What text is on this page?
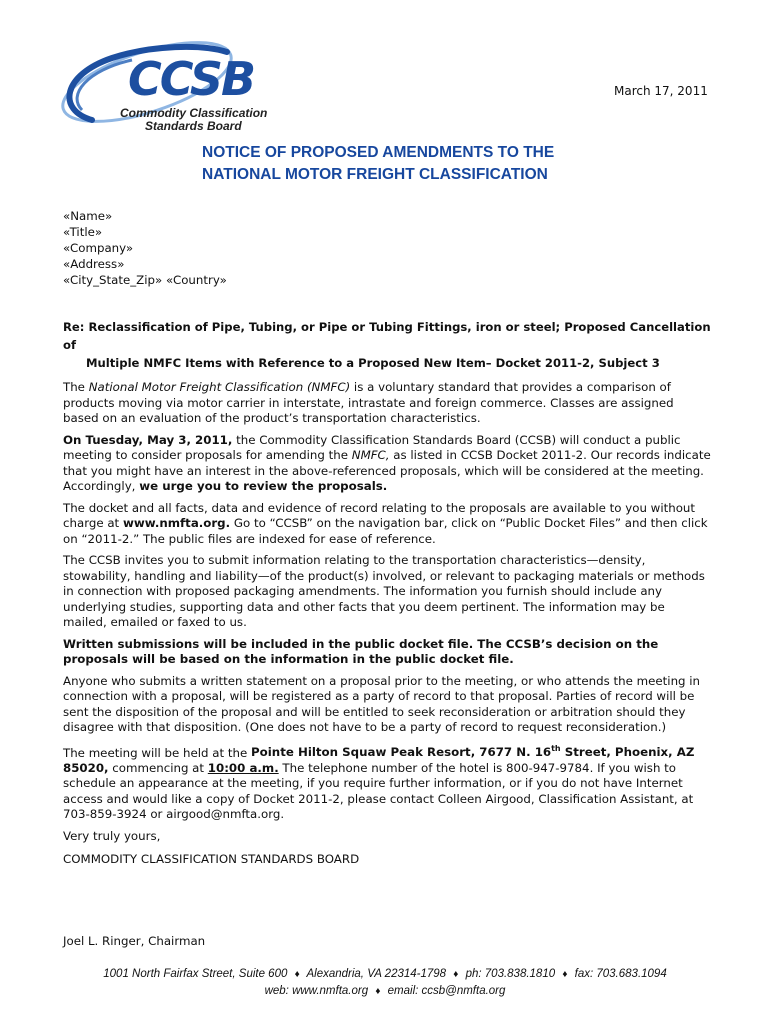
CCSB
Commodity Classification
Standards Board
March 17, 2011
NOTICE OF PROPOSED AMENDMENTS TO THE
NATIONAL MOTOR FREIGHT CLASSIFICATION
«Name»
«Title»
«Company»
«Address»
«City_State_Zip» «Country»
Re: Reclassification of Pipe, Tubing, or Pipe or Tubing Fittings, iron or steel; Proposed Cancellation of
Multiple NMFC Items with Reference to a Proposed New Item– Docket 2011-2, Subject 3

The National Motor Freight Classification (NMFC) is a voluntary standard that provides a comparison of products moving via motor carrier in interstate, intrastate and foreign commerce. Classes are assigned based on an evaluation of the product’s transportation characteristics.

On Tuesday, May 3, 2011, the Commodity Classification Standards Board (CCSB) will conduct a public meeting to consider proposals for amending the NMFC, as listed in CCSB Docket 2011-2. Our records indicate that you might have an interest in the above-referenced proposals, which will be considered at the meeting. Accordingly, we urge you to review the proposals.

The docket and all facts, data and evidence of record relating to the proposals are available to you without charge at www.nmfta.org. Go to “CCSB” on the navigation bar, click on “Public Docket Files” and then click on “2011-2.” The public files are indexed for ease of reference.

The CCSB invites you to submit information relating to the transportation characteristics—density, stowability, handling and liability—of the product(s) involved, or relevant to packaging materials or methods in connection with proposed packaging amendments. The information you furnish should include any underlying studies, supporting data and other facts that you deem pertinent. The information may be mailed, emailed or faxed to us.

Written submissions will be included in the public docket file. The CCSB’s decision on the proposals will be based on the information in the public docket file.

Anyone who submits a written statement on a proposal prior to the meeting, or who attends the meeting in connection with a proposal, will be registered as a party of record to that proposal. Parties of record will be sent the disposition of the proposal and will be entitled to seek reconsideration or arbitration should they disagree with that disposition. (One does not have to be a party of record to request reconsideration.)

The meeting will be held at the Pointe Hilton Squaw Peak Resort, 7677 N. 16th Street, Phoenix, AZ 85020, commencing at 10:00 a.m. The telephone number of the hotel is 800-947-9784. If you wish to schedule an appearance at the meeting, if you require further information, or if you do not have Internet access and would like a copy of Docket 2011-2, please contact Colleen Airgood, Classification Assistant, at 703-859-3924 or airgood@nmfta.org.

Very truly yours,

COMMODITY CLASSIFICATION STANDARDS BOARD

Joel L. Ringer, Chairman
1001 North Fairfax Street, Suite 600 ♦ Alexandria, VA 22314-1798 ♦ ph: 703.838.1810 ♦ fax: 703.683.1094
web: www.nmfta.org ♦ email: ccsb@nmfta.org
